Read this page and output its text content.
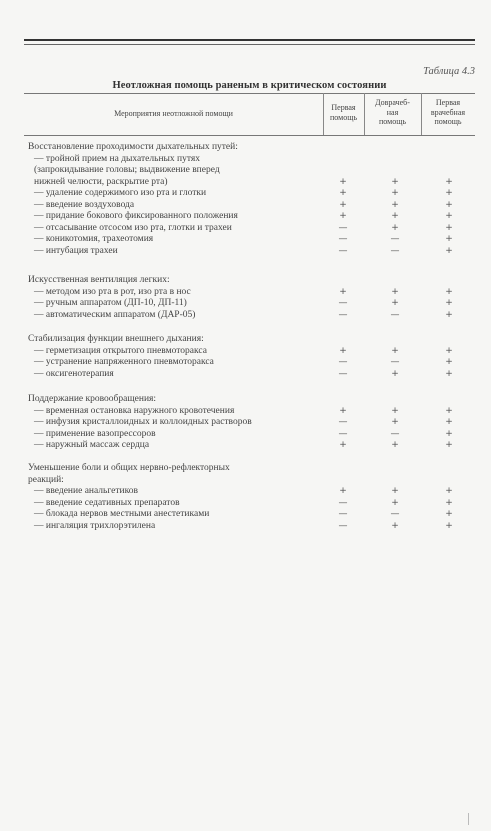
Таблица 4.3
Неотложная помощь раненым в критическом состоянии
Мероприятия неотложной помощи
Первая
помощь
Доврачеб-
ная
помощь
Первая
врачебная
помощь
Восстановление проходимости дыхательных путей:
— тройной прием на дыхательных путях
(запрокидывание головы; выдвижение вперед
нижней челюсти, раскрытие рта)	+	+	+
— удаление содержимого изо рта и глотки	+	+	+
— введение воздуховода	+	+	+
— придание бокового фиксированного положения	+	+	+
— отсасывание отсосом изо рта, глотки и трахеи	—	+	+
— коникотомия, трахеотомия	—	—	+
— интубация трахеи	—	—	+
Искусственная вентиляция легких:
— методом изо рта в рот, изо рта в нос	+	+	+
— ручным аппаратом (ДП-10, ДП-11)	—	+	+
— автоматическим аппаратом (ДАР-05)	—	—	+
Стабилизация функции внешнего дыхания:
— герметизация открытого пневмоторакса	+	+	+
— устранение напряженного пневмоторакса	—	—	+
— оксигенотерапия	—	+	+
Поддержание кровообращения:
— временная остановка наружного кровотечения	+	+	+
— инфузия кристаллоидных и коллоидных растворов	—	+	+
— применение вазопрессоров	—	—	+
— наружный массаж сердца	+	+	+
Уменьшение боли и общих нервно-рефлекторных
реакций:
— введение анальгетиков	+	+	+
— введение седативных препаратов	—	+	+
— блокада нервов местными анестетиками	—	—	+
— ингаляция трихлорэтилена	—	+	+
